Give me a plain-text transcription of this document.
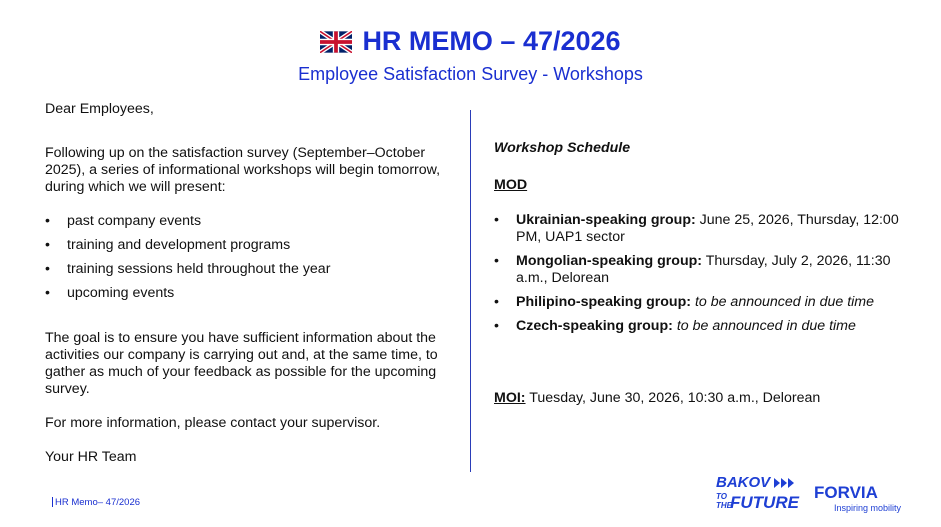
HR MEMO – 47/2026
Employee Satisfaction Survey - Workshops

Dear Employees,

Following up on the satisfaction survey (September–October 2025), a series of informational workshops will begin tomorrow, during which we will present:

• past company events
• training and development programs
• training sessions held throughout the year
• upcoming events

The goal is to ensure you have sufficient information about the activities our company is carrying out and, at the same time, to gather as much of your feedback as possible for the upcoming survey.

For more information, please contact your supervisor.

Your HR Team

Workshop Schedule

MOD

• Ukrainian-speaking group: June 25, 2026, Thursday, 12:00 PM, UAP1 sector
• Mongolian-speaking group: Thursday, July 2, 2026, 11:30 a.m., Delorean
• Philipino-speaking group: to be announced in due time
• Czech-speaking group: to be announced in due time
MOI: Tuesday, June 30, 2026, 10:30 a.m., Delorean
HR Memo– 47/2026
BAKOV
TO
THE
FUTURE
FORVIA
Inspiring mobility
